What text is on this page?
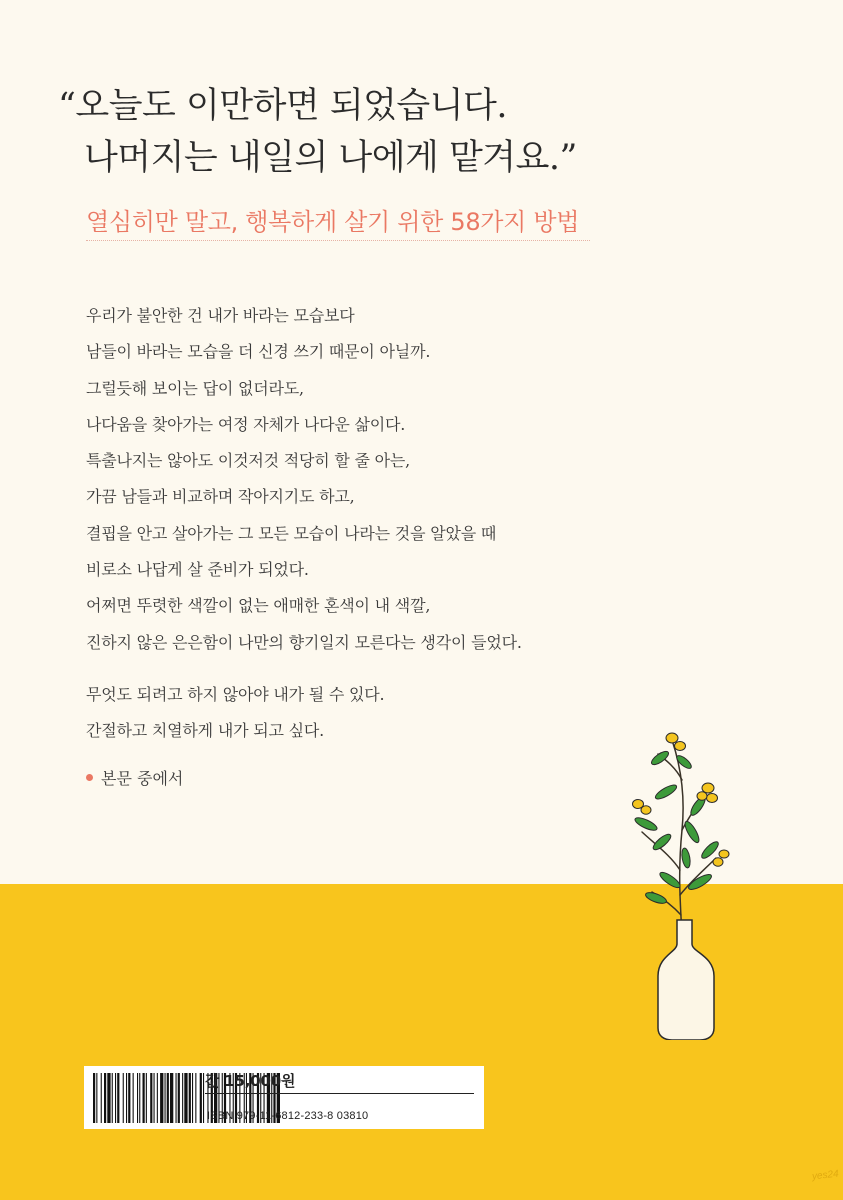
“오늘도 이만하면 되었습니다.
나머지는 내일의 나에게 맡겨요.”
열심히만 말고, 행복하게 살기 위한 58가지 방법
우리가 불안한 건 내가 바라는 모습보다
남들이 바라는 모습을 더 신경 쓰기 때문이 아닐까.
그럴듯해 보이는 답이 없더라도,
나다움을 찾아가는 여정 자체가 나다운 삶이다.
특출나지는 않아도 이것저것 적당히 할 줄 아는,
가끔 남들과 비교하며 작아지기도 하고,
결핍을 안고 살아가는 그 모든 모습이 나라는 것을 알았을 때
비로소 나답게 살 준비가 되었다.
어쩌면 뚜렷한 색깔이 없는 애매한 혼색이 내 색깔,
진하지 않은 은은함이 나만의 향기일지 모른다는 생각이 들었다.
무엇도 되려고 하지 않아야 내가 될 수 있다.
간절하고 치열하게 내가 되고 싶다.
본문 중에서
값 15,000원
ISBN 979-11-6812-233-8 03810
yes24
